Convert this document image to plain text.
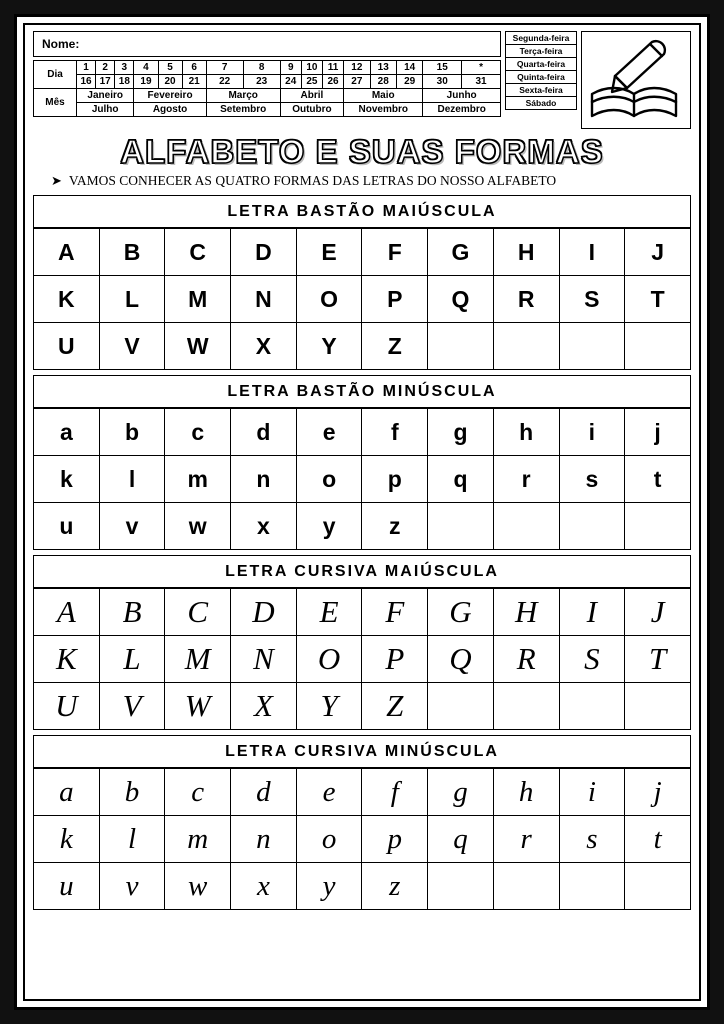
Nome:
Dia	1	2	3	4	5	6	7	8	9	10	11	12	13	14	15	*
	16	17	18	19	20	21	22	23	24	25	26	27	28	29	30	31
Mês	Janeiro			Fevereiro			Março		Abril			Maio			Junho	
	Julho			Agosto			Setembro		Outubro			Novembro			Dezembro	
Segunda-feira
Terça-feira
Quarta-feira
Quinta-feira
Sexta-feira
Sábado
ALFABETO E SUAS FORMAS
➤ VAMOS CONHECER AS QUATRO FORMAS DAS LETRAS DO NOSSO ALFABETO
LETRA BASTÃO MAIÚSCULA
A	B	C	D	E	F	G	H	I	J
K	L	M	N	O	P	Q	R	S	T
U	V	W	X	Y	Z				
LETRA BASTÃO MINÚSCULA
a	b	c	d	e	f	g	h	i	j
k	l	m	n	o	p	q	r	s	t
u	v	w	x	y	z				
LETRA CURSIVA MAIÚSCULA
A	B	C	D	E	F	G	H	I	J
K	L	M	N	O	P	Q	R	S	T
U	V	W	X	Y	Z				
LETRA CURSIVA MINÚSCULA
a	b	c	d	e	f	g	h	i	j
k	l	m	n	o	p	q	r	s	t
u	v	w	x	y	z				
